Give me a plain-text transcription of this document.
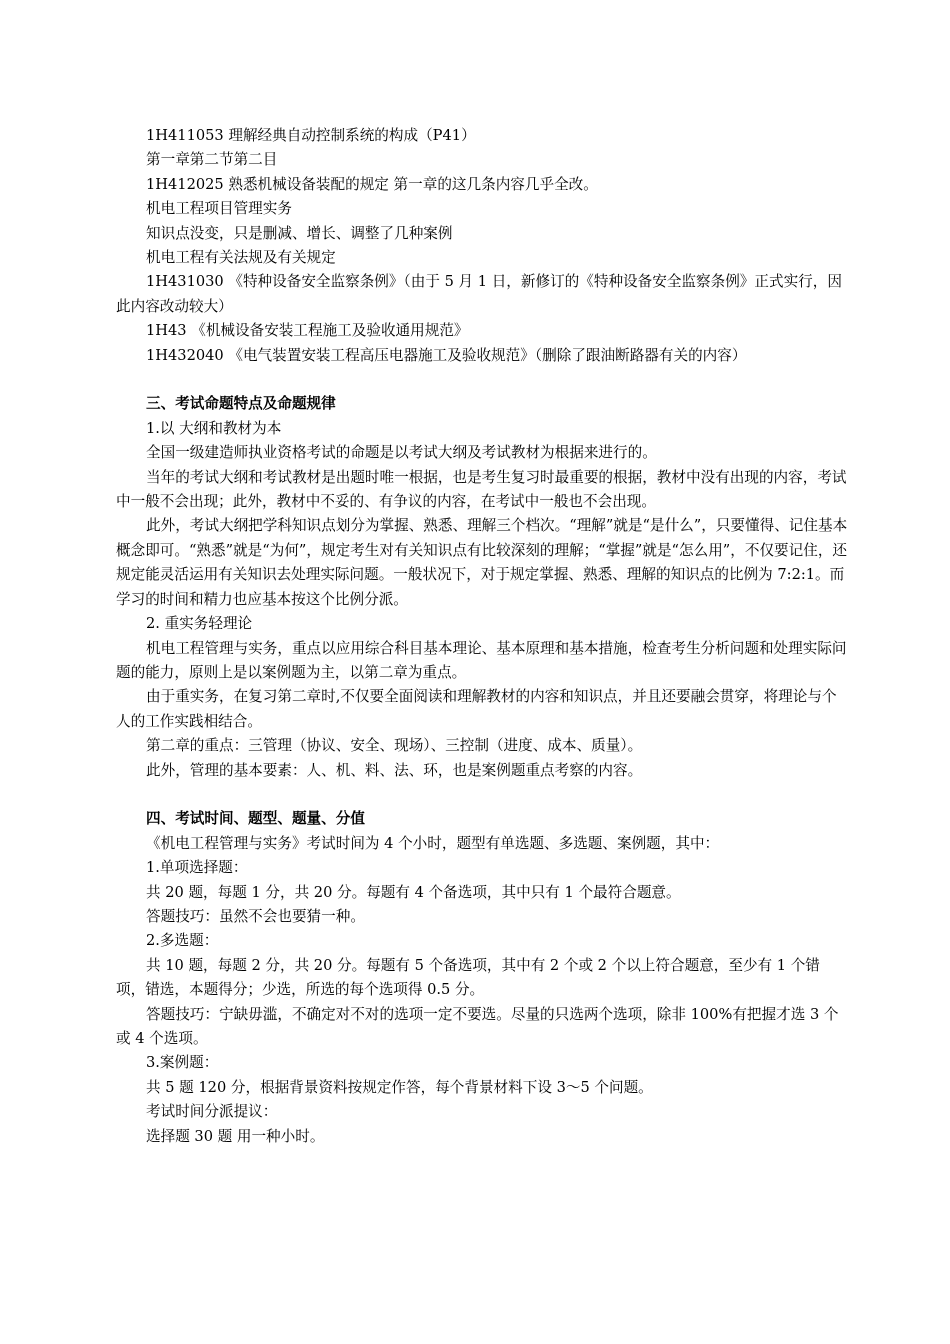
1H411053 理解经典自动控制系统的构成（P41）

第一章第二节第二目

1H412025 熟悉机械设备装配的规定 第一章的这几条内容几乎全改。

机电工程项目管理实务

知识点没变，只是删减、增长、调整了几种案例

机电工程有关法规及有关规定

1H431030 《特种设备安全监察条例》（由于 5 月 1 日，新修订的《特种设备安全监察条例》正式实行，因此内容改动较大）

1H43 《机械设备安装工程施工及验收通用规范》

1H432040 《电气装置安装工程高压电器施工及验收规范》（删除了跟油断路器有关的内容）

三、考试命题特点及命题规律

1.以 大纲和教材为本

全国一级建造师执业资格考试的命题是以考试大纲及考试教材为根据来进行的。

当年的考试大纲和考试教材是出题时唯一根据，也是考生复习时最重要的根据，教材中没有出现的内容，考试中一般不会出现；此外，教材中不妥的、有争议的内容，在考试中一般也不会出现。

此外，考试大纲把学科知识点划分为掌握、熟悉、理解三个档次。“理解”就是“是什么”，只要懂得、记住基本概念即可。“熟悉”就是“为何”，规定考生对有关知识点有比较深刻的理解；“掌握”就是“怎么用”，不仅要记住，还规定能灵活运用有关知识去处理实际问题。一般状况下，对于规定掌握、熟悉、理解的知识点的比例为 7:2:1。而学习的时间和精力也应基本按这个比例分派。

2. 重实务轻理论

机电工程管理与实务，重点以应用综合科目基本理论、基本原理和基本措施，检查考生分析问题和处理实际问题的能力，原则上是以案例题为主，以第二章为重点。

由于重实务，在复习第二章时,不仅要全面阅读和理解教材的内容和知识点，并且还要融会贯穿，将理论与个人的工作实践相结合。

第二章的重点：三管理（协议、安全、现场）、三控制（进度、成本、质量）。

此外，管理的基本要素：人、机、料、法、环，也是案例题重点考察的内容。

四、考试时间、题型、题量、分值

《机电工程管理与实务》考试时间为 4 个小时，题型有单选题、多选题、案例题，其中：

1.单项选择题：

共 20 题，每题 1 分，共 20 分。每题有 4 个备选项，其中只有 1 个最符合题意。

答题技巧：虽然不会也要猜一种。

2.多选题：

共 10 题，每题 2 分，共 20 分。每题有 5 个备选项，其中有 2 个或 2 个以上符合题意，至少有 1 个错项，错选，本题得分；少选，所选的每个选项得 0.5 分。

答题技巧：宁缺毋滥，不确定对不对的选项一定不要选。尽量的只选两个选项，除非 100%有把握才选 3 个或 4 个选项。

3.案例题：

共 5 题 120 分，根据背景资料按规定作答，每个背景材料下设 3～5 个问题。

考试时间分派提议：

选择题 30 题 用一种小时。
